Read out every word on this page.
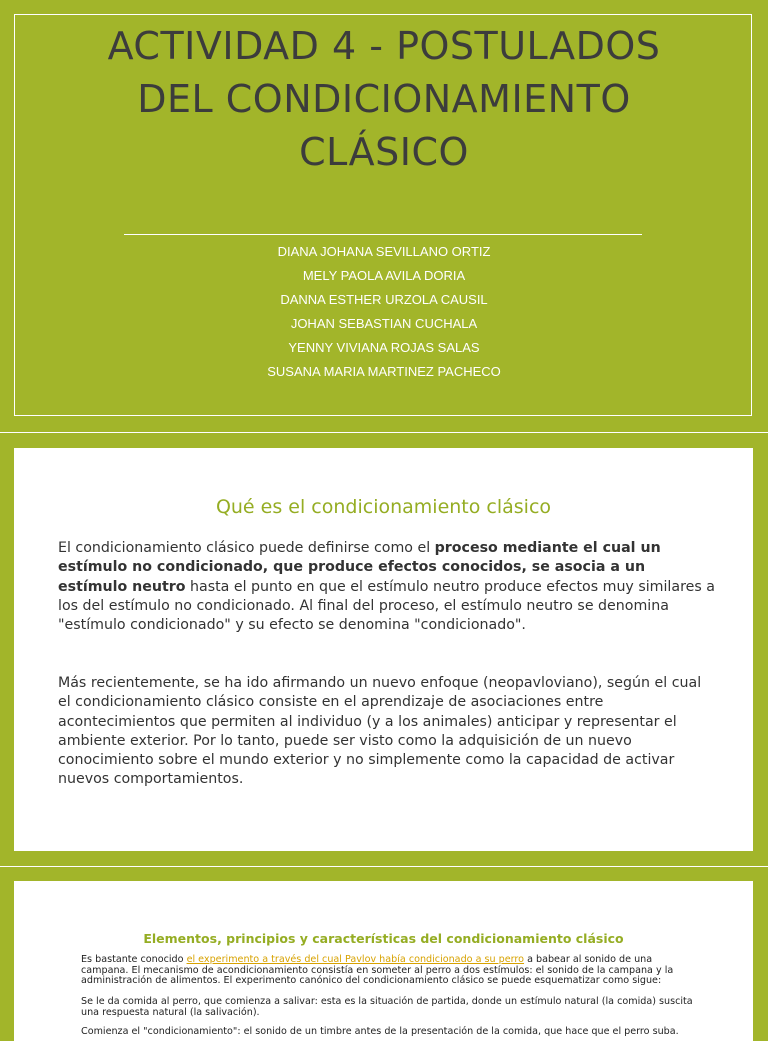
ACTIVIDAD 4 - POSTULADOS
DEL CONDICIONAMIENTO
CLÁSICO
DIANA JOHANA SEVILLANO ORTIZ
MELY PAOLA AVILA DORIA
DANNA ESTHER URZOLA CAUSIL
JOHAN SEBASTIAN CUCHALA
YENNY VIVIANA ROJAS SALAS
SUSANA MARIA MARTINEZ PACHECO
Qué es el condicionamiento clásico

El condicionamiento clásico puede definirse como el proceso mediante el cual un estímulo no condicionado, que produce efectos conocidos, se asocia a un estímulo neutro hasta el punto en que el estímulo neutro produce efectos muy similares a los del estímulo no condicionado. Al final del proceso, el estímulo neutro se denomina "estímulo condicionado" y su efecto se denomina "condicionado".

Más recientemente, se ha ido afirmando un nuevo enfoque (neopavloviano), según el cual el condicionamiento clásico consiste en el aprendizaje de asociaciones entre acontecimientos que permiten al individuo (y a los animales) anticipar y representar el ambiente exterior. Por lo tanto, puede ser visto como la adquisición de un nuevo conocimiento sobre el mundo exterior y no simplemente como la capacidad de activar nuevos comportamientos.

Elementos, principios y características del condicionamiento clásico

Es bastante conocido el experimento a través del cual Pavlov había condicionado a su perro a babear al sonido de una campana. El mecanismo de acondicionamiento consistía en someter al perro a dos estímulos: el sonido de la campana y la administración de alimentos. El experimento canónico del condicionamiento clásico se puede esquematizar como sigue:

Se le da comida al perro, que comienza a salivar: esta es la situación de partida, donde un estímulo natural (la comida) suscita una respuesta natural (la salivación).

Comienza el "condicionamiento": el sonido de un timbre antes de la presentación de la comida, que hace que el perro suba.
